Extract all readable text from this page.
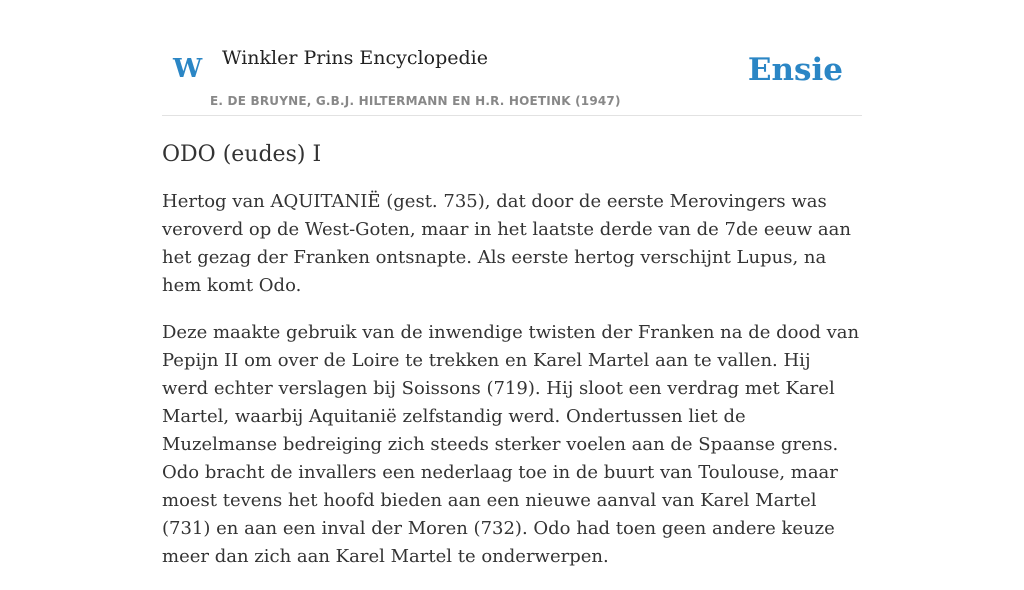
W Winkler Prins Encyclopedie	Ensie
E. DE BRUYNE, G.B.J. HILTERMANN EN H.R. HOETINK (1947)
ODO (eudes) I

Hertog van AQUITANIË (gest. 735), dat door de eerste Merovingers was veroverd op de West-Goten, maar in het laatste derde van de 7de eeuw aan het gezag der Franken ontsnapte. Als eerste hertog verschijnt Lupus, na hem komt Odo.

Deze maakte gebruik van de inwendige twisten der Franken na de dood van Pepijn II om over de Loire te trekken en Karel Martel aan te vallen. Hij werd echter verslagen bij Soissons (719). Hij sloot een verdrag met Karel Martel, waarbij Aquitanië zelfstandig werd. Ondertussen liet de Muzelmanse bedreiging zich steeds sterker voelen aan de Spaanse grens. Odo bracht de invallers een nederlaag toe in de buurt van Toulouse, maar moest tevens het hoofd bieden aan een nieuwe aanval van Karel Martel (731) en aan een inval der Moren (732). Odo had toen geen andere keuze meer dan zich aan Karel Martel te onderwerpen.
